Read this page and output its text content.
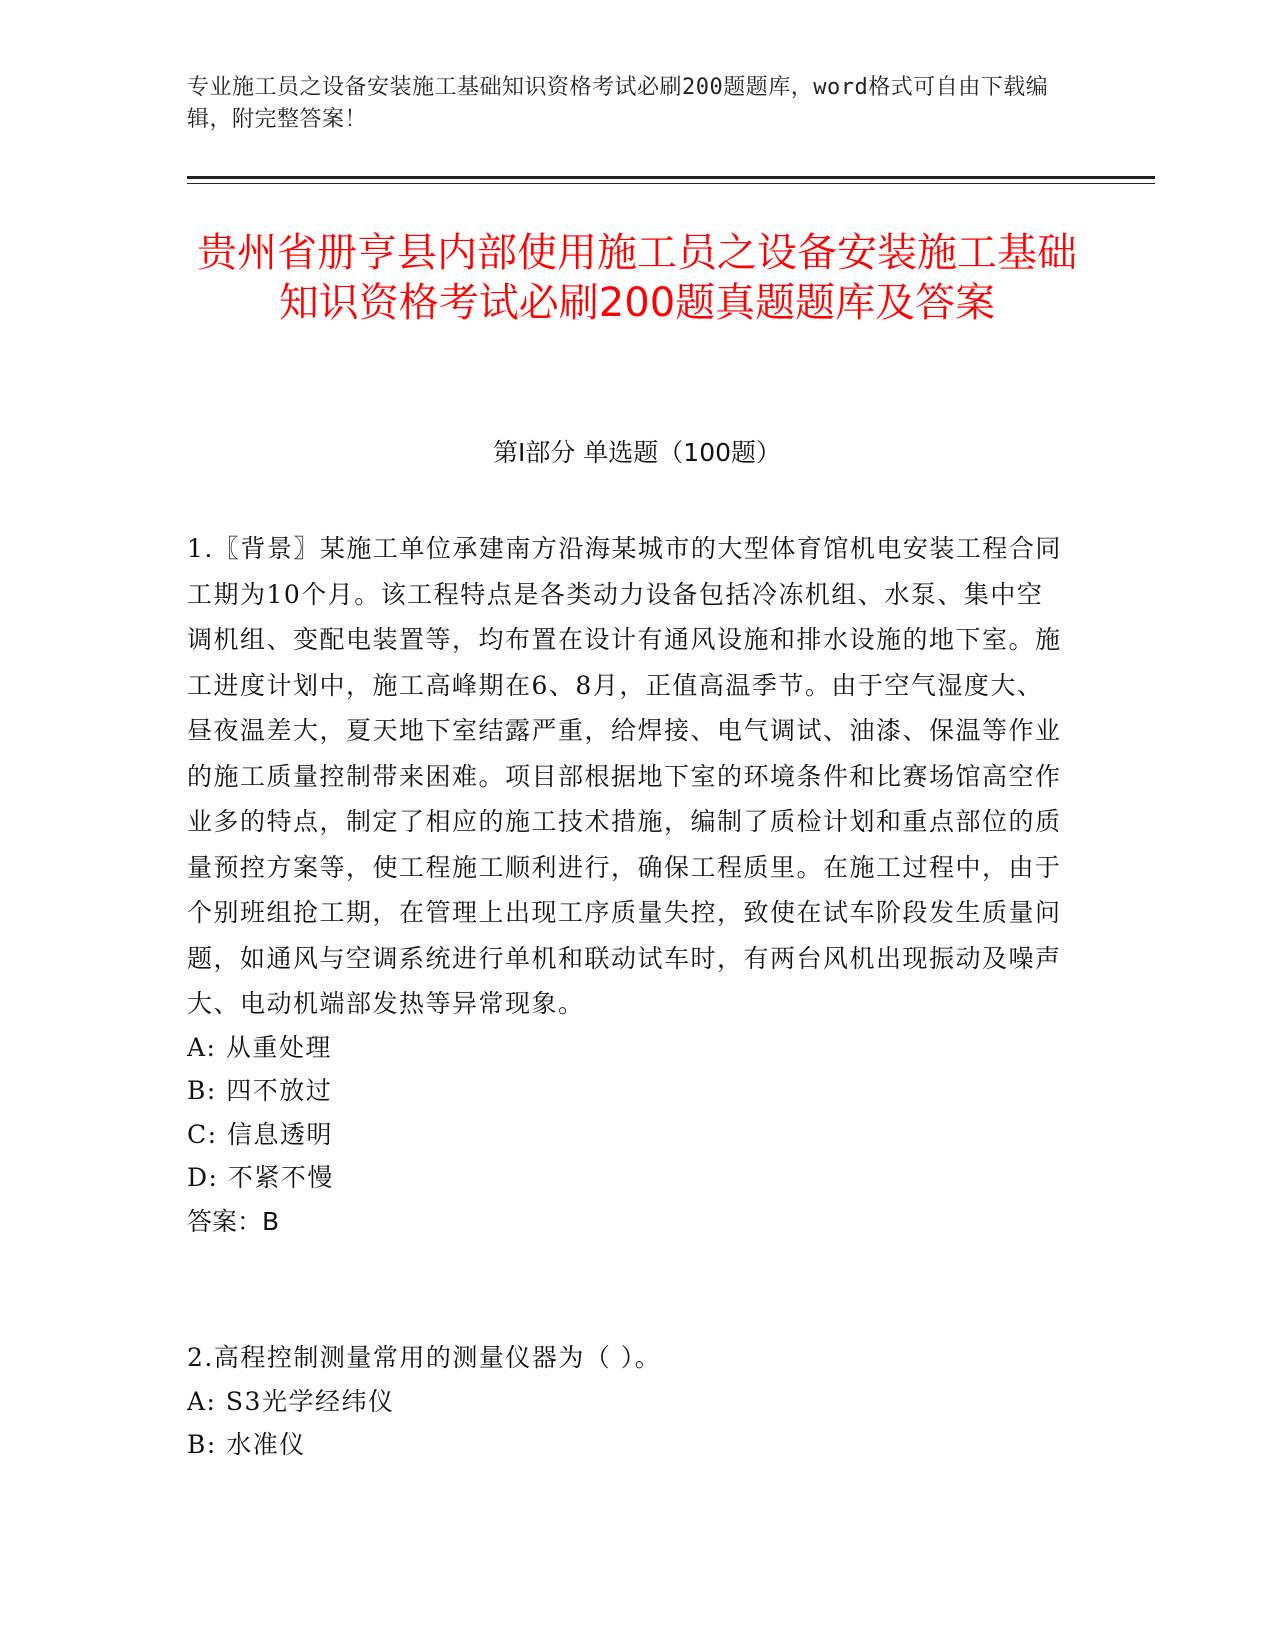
专业施工员之设备安装施工基础知识资格考试必刷200题题库，word格式可自由下载编辑，附完整答案！
贵州省册亨县内部使用施工员之设备安装施工基础知识资格考试必刷200题真题题库及答案
第I部分 单选题（100题）
1.〖背景〗某施工单位承建南方沿海某城市的大型体育馆机电安装工程合同工期为10个月。该工程特点是各类动力设备包括冷冻机组、水泵、集中空调机组、变配电装置等，均布置在设计有通风设施和排水设施的地下室。施工进度计划中，施工高峰期在6、8月，正值高温季节。由于空气湿度大、昼夜温差大，夏天地下室结露严重，给焊接、电气调试、油漆、保温等作业的施工质量控制带来困难。项目部根据地下室的环境条件和比赛场馆高空作业多的特点，制定了相应的施工技术措施，编制了质检计划和重点部位的质量预控方案等，使工程施工顺利进行，确保工程质里。在施工过程中，由于个别班组抢工期，在管理上出现工序质量失控，致使在试车阶段发生质量问题，如通风与空调系统进行单机和联动试车时，有两台风机出现振动及噪声大、电动机端部发热等异常现象。
A: 从重处理
B: 四不放过
C: 信息透明
D: 不紧不慢
答案：B
2.高程控制测量常用的测量仪器为（ ）。
A: S3光学经纬仪
B: 水准仪
